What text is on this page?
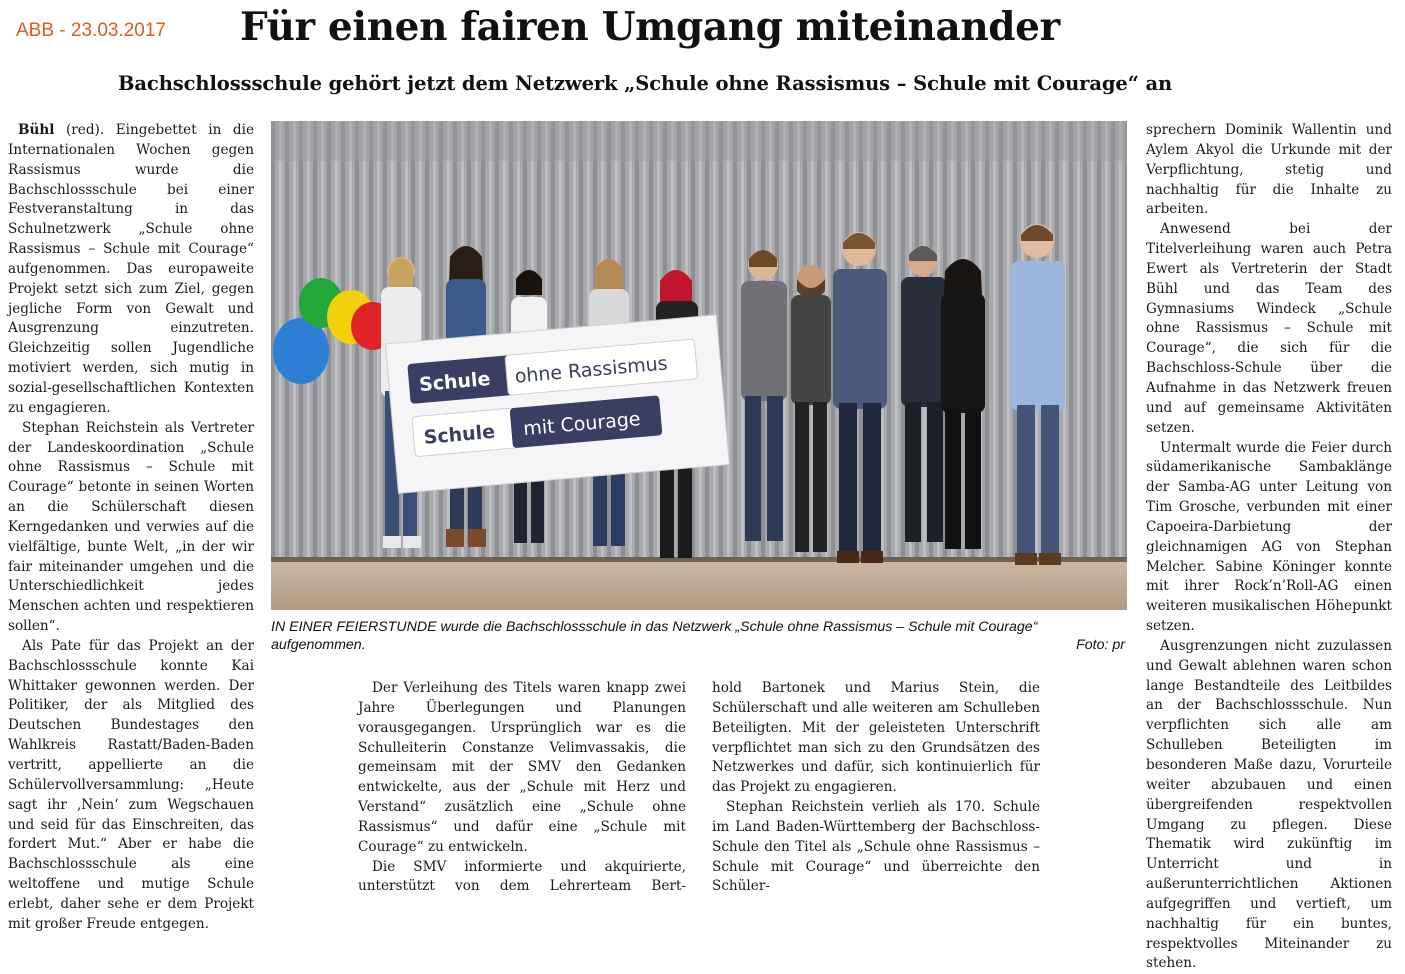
ABB - 23.03.2017 Für einen fairen Umgang miteinander
Bachschlossschule gehört jetzt dem Netzwerk „Schule ohne Rassismus – Schule mit Courage“ an

Bühl (red). Eingebettet in die Internationalen Wochen gegen Rassismus wurde die Bachschlossschule bei einer Festveranstaltung in das Schulnetzwerk „Schule ohne Rassismus – Schule mit Courage“ aufgenommen. Das europaweite Projekt setzt sich zum Ziel, gegen jegliche Form von Gewalt und Ausgrenzung einzutreten. Gleichzeitig sollen Jugendliche motiviert werden, sich mutig in sozial-gesellschaftlichen Kontexten zu engagieren.

Stephan Reichstein als Vertreter der Landeskoordination „Schule ohne Rassismus – Schule mit Courage“ betonte in seinen Worten an die Schülerschaft diesen Kerngedanken und verwies auf die vielfältige, bunte Welt, „in der wir fair miteinander umgehen und die Unterschiedlichkeit jedes Menschen achten und respektieren sollen“.

Als Pate für das Projekt an der Bachschlossschule konnte Kai Whittaker gewonnen werden. Der Politiker, der als Mitglied des Deutschen Bundestages den Wahlkreis Rastatt/Baden-Baden vertritt, appellierte an die Schülervollversammlung: „Heute sagt ihr ‚Nein‘ zum Wegschauen und seid für das Einschreiten, das fordert Mut.“ Aber er habe die Bachschlossschule als eine weltoffene und mutige Schule erlebt, daher sehe er dem Projekt mit großer Freude entgegen.

Schule ohne Rassismus
Schule mit Courage
IN EINER FEIERSTUNDE wurde die Bachschlossschule in das Netzwerk „Schule ohne Rassismus – Schule mit Courage“ aufgenommen.	Foto: pr

Der Verleihung des Titels waren knapp zwei Jahre Überlegungen und Planungen vorausgegangen. Ursprünglich war es die Schulleiterin Constanze Velimvassakis, die gemeinsam mit der SMV den Gedanken entwickelte, aus der „Schule mit Herz und Verstand“ zusätzlich eine „Schule ohne Rassismus“ und dafür eine „Schule mit Courage“ zu entwickeln.

Die SMV informierte und akquirierte, unterstützt von dem Lehrerteam Bert-

hold Bartonek und Marius Stein, die Schülerschaft und alle weiteren am Schulleben Beteiligten. Mit der geleisteten Unterschrift verpflichtet man sich zu den Grundsätzen des Netzwerkes und dafür, sich kontinuierlich für das Projekt zu engagieren.

Stephan Reichstein verlieh als 170. Schule im Land Baden-Württemberg der Bachschloss-Schule den Titel als „Schule ohne Rassismus – Schule mit Courage“ und überreichte den Schüler-

sprechern Dominik Wallentin und Aylem Akyol die Urkunde mit der Verpflichtung, stetig und nachhaltig für die Inhalte zu arbeiten.

Anwesend bei der Titelverleihung waren auch Petra Ewert als Vertreterin der Stadt Bühl und das Team des Gymnasiums Windeck „Schule ohne Rassismus – Schule mit Courage“, die sich für die Bachschloss-Schule über die Aufnahme in das Netzwerk freuen und auf gemeinsame Aktivitäten setzen.

Untermalt wurde die Feier durch südamerikanische Sambaklänge der Samba-AG unter Leitung von Tim Grosche, verbunden mit einer Capoeira-Darbietung der gleichnamigen AG von Stephan Melcher. Sabine Köninger konnte mit ihrer Rock’n’Roll-AG einen weiteren musikalischen Höhepunkt setzen.

Ausgrenzungen nicht zuzulassen und Gewalt ablehnen waren schon lange Bestandteile des Leitbildes an der Bachschlossschule. Nun verpflichten sich alle am Schulleben Beteiligten im besonderen Maße dazu, Vorurteile weiter abzubauen und einen übergreifenden respektvollen Umgang zu pflegen. Diese Thematik wird zukünftig im Unterricht und in außerunterrichtlichen Aktionen aufgegriffen und vertieft, um nachhaltig für ein buntes, respektvolles Miteinander zu stehen.
